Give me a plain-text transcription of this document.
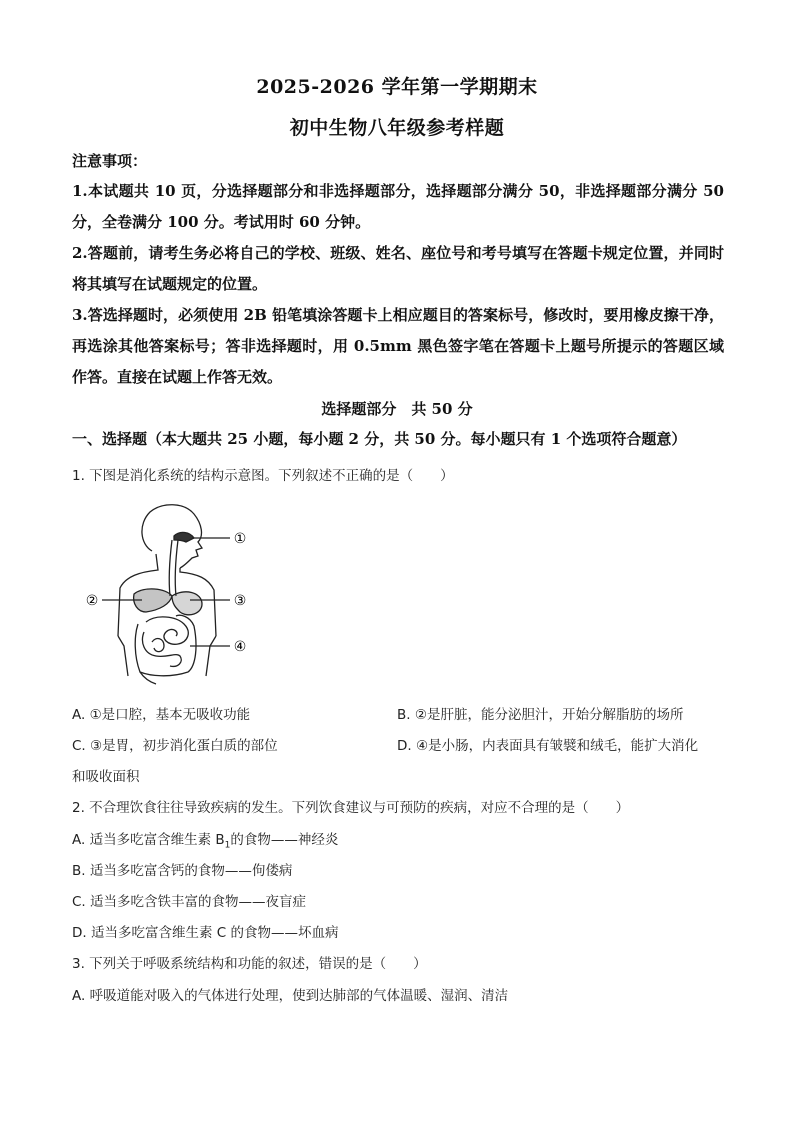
2025-2026 学年第一学期期末
初中生物八年级参考样题
注意事项：

1.本试题共 10 页，分选择题部分和非选择题部分，选择题部分满分 50，非选择题部分满分 50 分，全卷满分 100 分。考试用时 60 分钟。

2.答题前，请考生务必将自己的学校、班级、姓名、座位号和考号填写在答题卡规定位置，并同时将其填写在试题规定的位置。

3.答选择题时，必须使用 2B 铅笔填涂答题卡上相应题目的答案标号，修改时，要用橡皮擦干净，再选涂其他答案标号；答非选择题时，用 0.5mm 黑色签字笔在答题卡上题号所提示的答题区域作答。直接在试题上作答无效。

选择题部分　共 50 分
一、选择题（本大题共 25 小题，每小题 2 分，共 50 分。每小题只有 1 个选项符合题意）
1. 下图是消化系统的结构示意图。下列叙述不正确的是（　　）
①
②	③
④
A. ①是口腔，基本无吸收功能	B. ②是肝脏，能分泌胆汁，开始分解脂肪的场所
C. ③是胃，初步消化蛋白质的部位	D. ④是小肠，内表面具有皱襞和绒毛，能扩大消化
和吸收面积
2. 不合理饮食往往导致疾病的发生。下列饮食建议与可预防的疾病，对应不合理的是（　　）
A. 适当多吃富含维生素 $B_1$的食物——神经炎
B. 适当多吃富含钙的食物——佝偻病
C. 适当多吃含铁丰富的食物——夜盲症
D. 适当多吃富含维生素 C 的食物——坏血病
3. 下列关于呼吸系统结构和功能的叙述，错误的是（　　）
A. 呼吸道能对吸入的气体进行处理，使到达肺部的气体温暖、湿润、清洁
